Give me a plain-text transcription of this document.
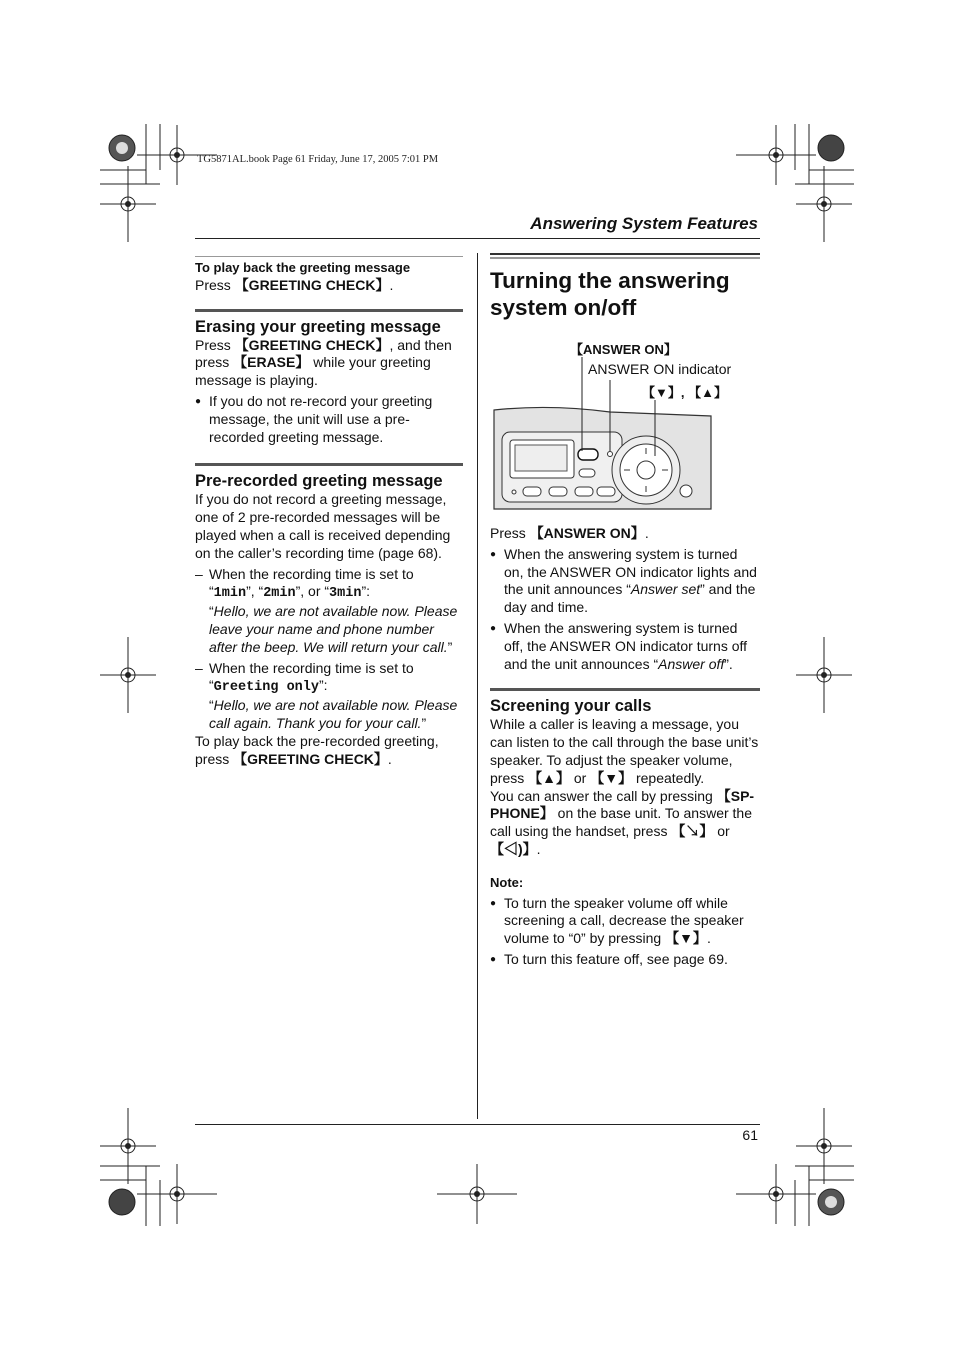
TG5871AL.book Page 61 Friday, June 17, 2005 7:01 PM
Answering System Features

To play back the greeting message

Press 【GREETING CHECK】.

Erasing your greeting message

Press 【GREETING CHECK】, and then press 【ERASE】 while your greeting message is playing.

● If you do not re-record your greeting message, the unit will use a pre-recorded greeting message.

Pre-recorded greeting message

If you do not record a greeting message, one of 2 pre-recorded messages will be played when a call is received depending on the caller’s recording time (page 68).

– When the recording time is set to “1min”, “2min”, or “3min”:
“Hello, we are not available now. Please leave your name and phone number after the beep. We will return your call.”
– When the recording time is set to “Greeting only”:
“Hello, we are not available now. Please call again. Thank you for your call.”

To play back the pre-recorded greeting, press 【GREETING CHECK】.

Turning the answering

system on/off

【ANSWER ON】
ANSWER ON indicator
【▼】, 【▲】

Press 【ANSWER ON】.

● When the answering system is turned on, the ANSWER ON indicator lights and the unit announces “Answer set” and the day and time.

● When the answering system is turned off, the ANSWER ON indicator turns off and the unit announces “Answer off”.

Screening your calls

While a caller is leaving a message, you can listen to the call through the base unit’s speaker. To adjust the speaker volume, press 【▲】 or 【▼】 repeatedly.

You can answer the call by pressing 【SP-PHONE】 on the base unit. To answer the call using the handset, press 【↘】 or 【◁)】.

Note:

● To turn the speaker volume off while screening a call, decrease the speaker volume to “0” by pressing 【▼】.

● To turn this feature off, see page 69.

61
